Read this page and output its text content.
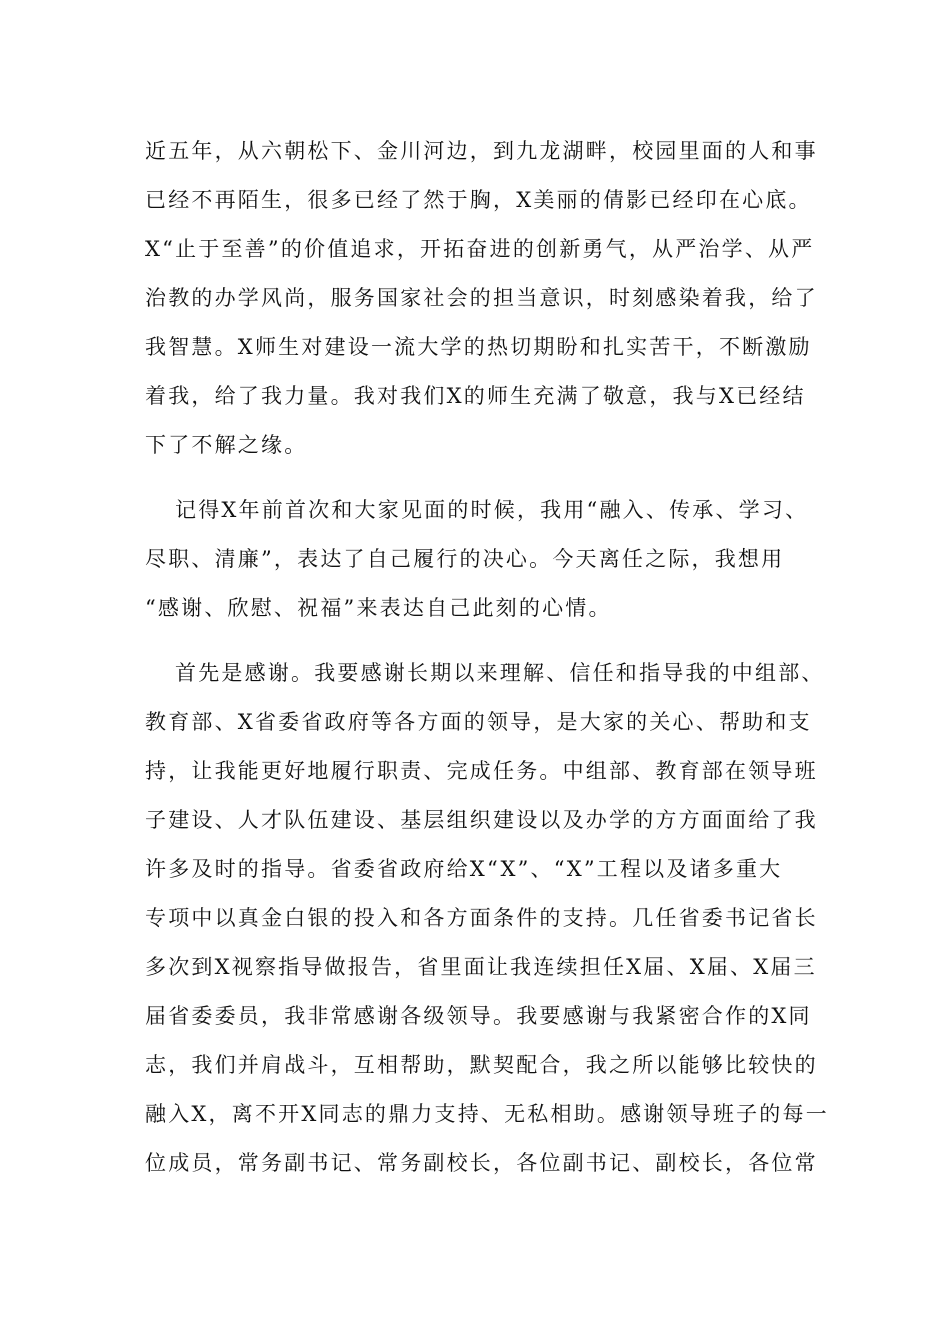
近五年，从六朝松下、金川河边，到九龙湖畔，校园里面的人和事
已经不再陌生，很多已经了然于胸，X美丽的倩影已经印在心底。
X“止于至善”的价值追求，开拓奋进的创新勇气，从严治学、从严
治教的办学风尚，服务国家社会的担当意识，时刻感染着我，给了
我智慧。X师生对建设一流大学的热切期盼和扎实苦干，不断激励
着我，给了我力量。我对我们X的师生充满了敬意，我与X已经结
下了不解之缘。
记得X年前首次和大家见面的时候，我用“融入、传承、学习、
尽职、清廉”，表达了自己履行的决心。今天离任之际，我想用
“感谢、欣慰、祝福”来表达自己此刻的心情。
首先是感谢。我要感谢长期以来理解、信任和指导我的中组部、
教育部、X省委省政府等各方面的领导，是大家的关心、帮助和支
持，让我能更好地履行职责、完成任务。中组部、教育部在领导班
子建设、人才队伍建设、基层组织建设以及办学的方方面面给了我
许多及时的指导。省委省政府给X“X”、“X”工程以及诸多重大
专项中以真金白银的投入和各方面条件的支持。几任省委书记省长
多次到X视察指导做报告，省里面让我连续担任X届、X届、X届三
届省委委员，我非常感谢各级领导。我要感谢与我紧密合作的X同
志，我们并肩战斗，互相帮助，默契配合，我之所以能够比较快的
融入X，离不开X同志的鼎力支持、无私相助。感谢领导班子的每一
位成员，常务副书记、常务副校长，各位副书记、副校长，各位常
